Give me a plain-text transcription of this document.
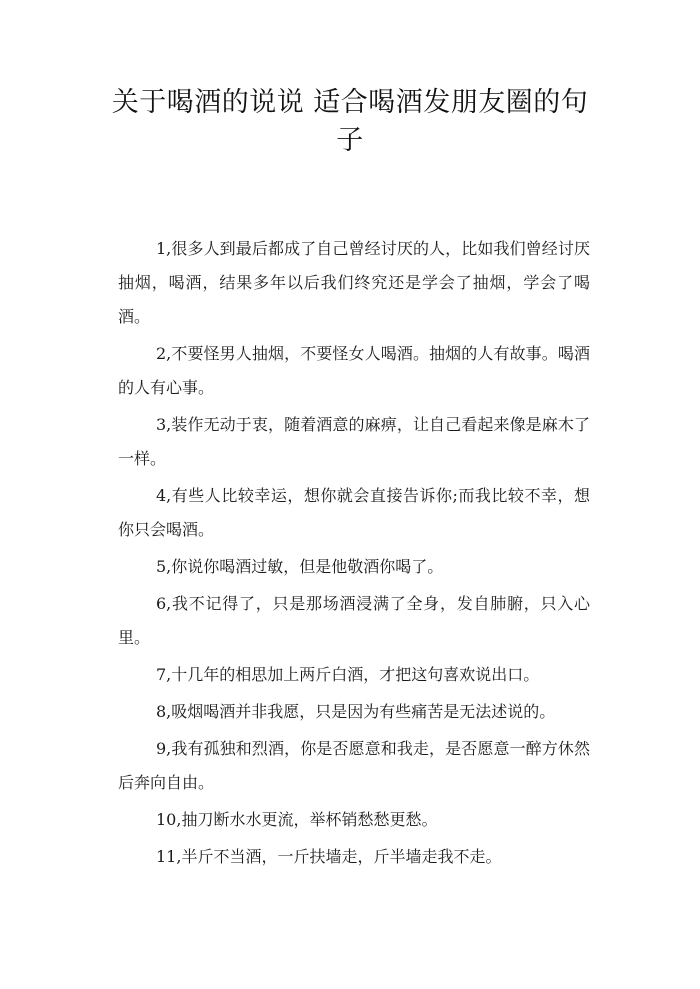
关于喝酒的说说 适合喝酒发朋友圈的句子

1,很多人到最后都成了自己曾经讨厌的人，比如我们曾经讨厌抽烟，喝酒，结果多年以后我们终究还是学会了抽烟，学会了喝酒。

2,不要怪男人抽烟，不要怪女人喝酒。抽烟的人有故事。喝酒的人有心事。

3,装作无动于衷，随着酒意的麻痹，让自己看起来像是麻木了一样。

4,有些人比较幸运，想你就会直接告诉你;而我比较不幸，想你只会喝酒。

5,你说你喝酒过敏，但是他敬酒你喝了。

6,我不记得了，只是那场酒浸满了全身，发自肺腑，只入心里。

7,十几年的相思加上两斤白酒，才把这句喜欢说出口。

8,吸烟喝酒并非我愿，只是因为有些痛苦是无法述说的。

9,我有孤独和烈酒，你是否愿意和我走，是否愿意一醉方休然后奔向自由。

10,抽刀断水水更流，举杯销愁愁更愁。

11,半斤不当酒，一斤扶墙走，斤半墙走我不走。
